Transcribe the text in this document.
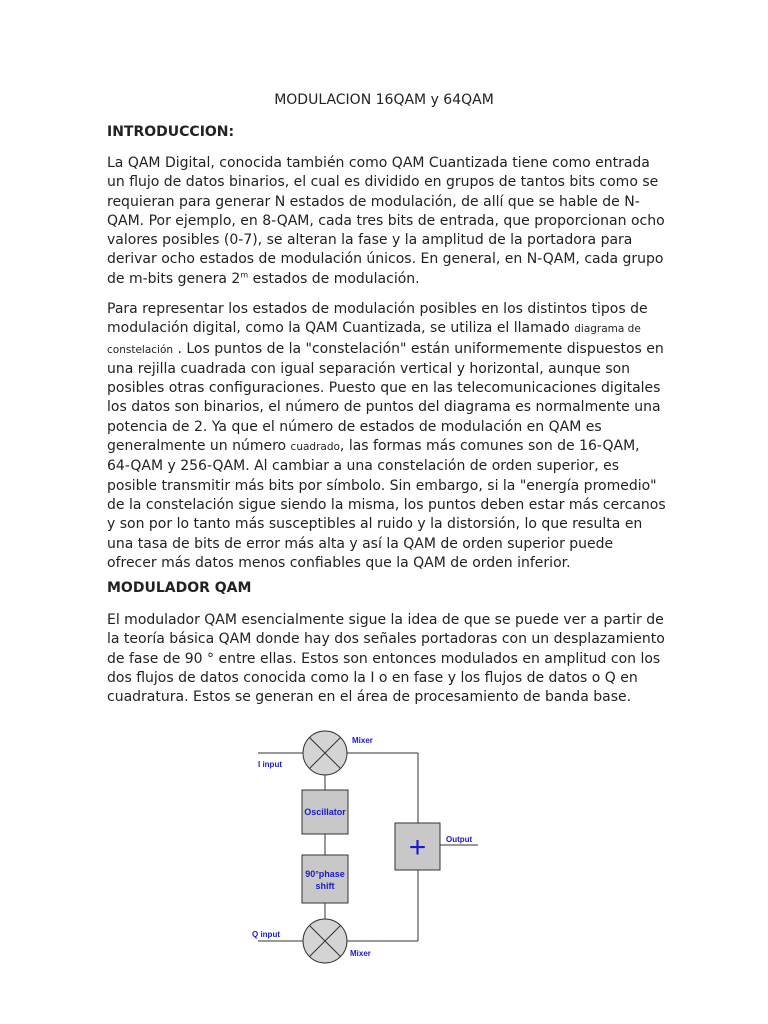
MODULACION 16QAM y 64QAM
INTRODUCCION:

La QAM Digital, conocida también como QAM Cuantizada tiene como entrada un flujo de datos binarios, el cual es dividido en grupos de tantos bits como se requieran para generar N estados de modulación, de allí que se hable de N-QAM. Por ejemplo, en 8-QAM, cada tres bits de entrada, que proporcionan ocho valores posibles (0-7), se alteran la fase y la amplitud de la portadora para derivar ocho estados de modulación únicos. En general, en N-QAM, cada grupo de m-bits genera 2$^m$ estados de modulación.

Para representar los estados de modulación posibles en los distintos tipos de modulación digital, como la QAM Cuantizada, se utiliza el llamado diagrama de constelación . Los puntos de la "constelación" están uniformemente dispuestos en una rejilla cuadrada con igual separación vertical y horizontal, aunque son posibles otras configuraciones. Puesto que en las telecomunicaciones digitales los datos son binarios, el número de puntos del diagrama es normalmente una potencia de 2. Ya que el número de estados de modulación en QAM es generalmente un número cuadrado, las formas más comunes son de 16-QAM, 64-QAM y 256-QAM. Al cambiar a una constelación de orden superior, es posible transmitir más bits por símbolo. Sin embargo, si la "energía promedio" de la constelación sigue siendo la misma, los puntos deben estar más cercanos y son por lo tanto más susceptibles al ruido y la distorsión, lo que resulta en una tasa de bits de error más alta y así la QAM de orden superior puede ofrecer más datos menos confiables que la QAM de orden inferior.

MODULADOR QAM

El modulador QAM esencialmente sigue la idea de que se puede ver a partir de la teoría básica QAM donde hay dos señales portadoras con un desplazamiento de fase de 90 ° entre ellas. Estos son entonces modulados en amplitud con los dos flujos de datos conocida como la I o en fase y los flujos de datos o Q en cuadratura. Estos se generan en el área de procesamiento de banda base.

Oscillator
90°phase
shift
+
Mixer
I input
Q input
Mixer
Output
